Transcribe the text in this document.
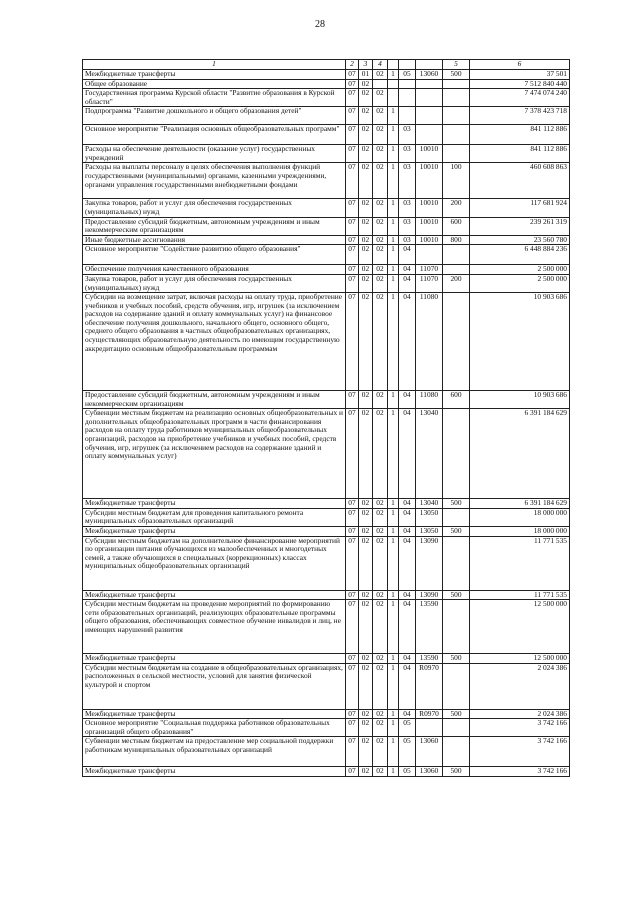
28
1	2	3	4				5	6
Межбюджетные трансферты	07	01	02	1	05	13060	500	37 501
Общее образование	07	02						7 512 840 440
Государственная программа Курской области "Развитие образования в Курской области"	07	02	02					7 474 074 240
Подпрограмма "Развитие дошкольного и общего образования детей"	07	02	02	1				7 378 423 718
Основное мероприятие "Реализация основных общеобразовательных программ"	07	02	02	1	03			841 112 886
Расходы на обеспечение деятельности (оказание услуг) государственных учреждений	07	02	02	1	03	10010		841 112 886
Расходы на выплаты персоналу в целях обеспечения выполнения функций государственными (муниципальными) органами, казенными учреждениями, органами управления государственными внебюджетными фондами	07	02	02	1	03	10010	100	460 608 863
Закупка товаров, работ и услуг для обеспечения государственных (муниципальных) нужд	07	02	02	1	03	10010	200	117 681 924
Предоставление субсидий бюджетным, автономным учреждениям и иным некоммерческим организациям	07	02	02	1	03	10010	600	239 261 319
Иные бюджетные ассигнования	07	02	02	1	03	10010	800	23 560 780
Основное мероприятие "Содействие развитию общего образования"	07	02	02	1	04			6 448 884 236
Обеспечение получения качественного образования	07	02	02	1	04	11070		2 500 000
Закупка товаров, работ и услуг для обеспечения государственных (муниципальных) нужд	07	02	02	1	04	11070	200	2 500 000
Субсидии на возмещение затрат, включая расходы на оплату труда, приобретение учебников и учебных пособий, средств обучения, игр, игрушек (за исключением расходов на содержание зданий и оплату коммунальных услуг) на финансовое обеспечение получения дошкольного, начального общего, основного общего, среднего общего образования в частных общеобразовательных организациях, осуществляющих образовательную деятельность по имеющим государственную аккредитацию основным общеобразовательным программам	07	02	02	1	04	11080		10 903 686
Предоставление субсидий бюджетным, автономным учреждениям и иным некоммерческим организациям	07	02	02	1	04	11080	600	10 903 686
Субвенции местным бюджетам на реализацию основных общеобразовательных и дополнительных общеобразовательных программ в части финансирования расходов на оплату труда работников муниципальных общеобразовательных организаций, расходов на приобретение учебников и учебных пособий, средств обучения, игр, игрушек (за исключением расходов на содержание зданий и оплату коммунальных услуг)	07	02	02	1	04	13040		6 391 184 629
Межбюджетные трансферты	07	02	02	1	04	13040	500	6 391 184 629
Субсидии местным бюджетам для проведения капитального ремонта муниципальных образовательных организаций	07	02	02	1	04	13050		18 000 000
Межбюджетные трансферты	07	02	02	1	04	13050	500	18 000 000
Субсидии местным бюджетам на дополнительное финансирование мероприятий по организации питания обучающихся из малообеспеченных и многодетных семей, а также обучающихся в специальных (коррекционных) классах муниципальных общеобразовательных организаций	07	02	02	1	04	13090		11 771 535
Межбюджетные трансферты	07	02	02	1	04	13090	500	11 771 535
Субсидии местным бюджетам на проведение мероприятий по формированию сети образовательных организаций, реализующих образовательные программы общего образования, обеспечивающих совместное обучение инвалидов и лиц, не имеющих нарушений развития	07	02	02	1	04	13590		12 500 000
Межбюджетные трансферты	07	02	02	1	04	13590	500	12 500 000
Субсидии местным бюджетам на создание в общеобразовательных организациях, расположенных в сельской местности, условий для занятия физической культурой и спортом	07	02	02	1	04	R0970		2 024 386
Межбюджетные трансферты	07	02	02	1	04	R0970	500	2 024 386
Основное мероприятие "Социальная поддержка работников образовательных организаций общего образования"	07	02	02	1	05			3 742 166
Субвенции местным бюджетам на предоставление мер социальной поддержки работникам муниципальных образовательных организаций	07	02	02	1	05	13060		3 742 166
Межбюджетные трансферты	07	02	02	1	05	13060	500	3 742 166
